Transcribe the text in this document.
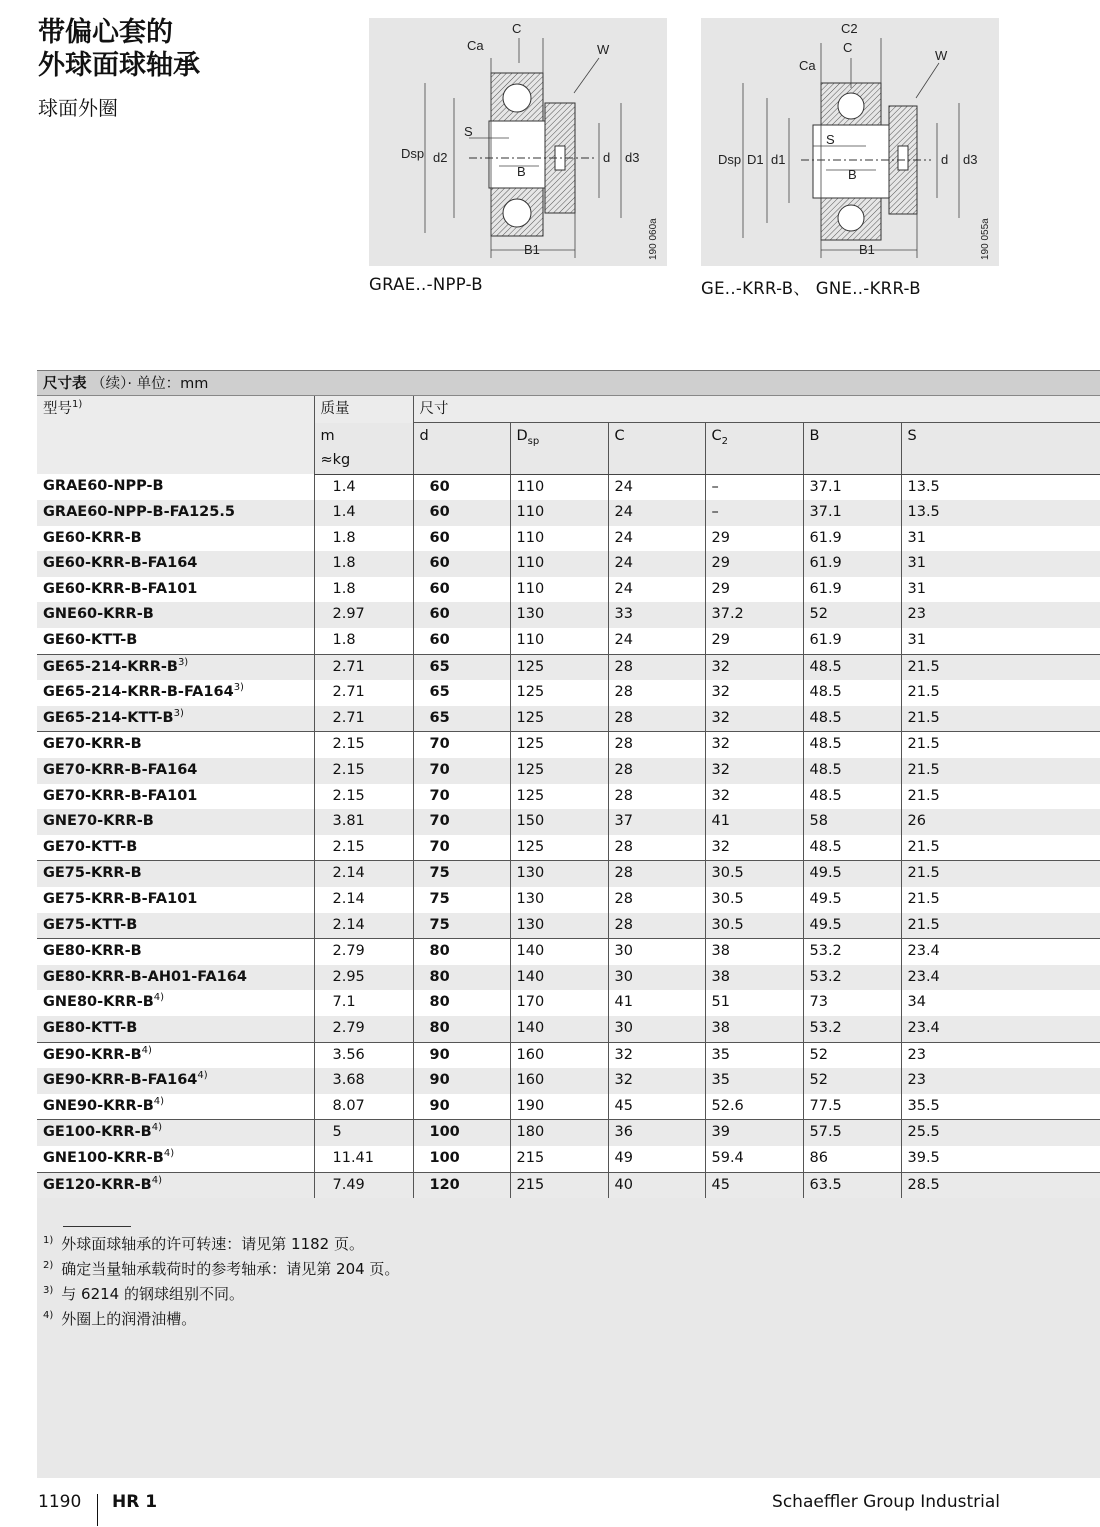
带偏心套的
外球面球轴承
球面外圈
C
Ca	W
S
B
B1
Dsp d2	d d3
190 060a
GRAE..-NPP-B
C2
C
Ca
W
S
B
B1
Dsp D1 d1	d d3
190 055a
GE..-KRR-B、 GNE..-KRR-B
尺寸表 （续）· 单位：mm
型号$^{1)}$	质量	尺寸					
	m	d	$D_{sp}$	C	$C_2$	B	S
	≈kg						
GRAE60-NPP-B	1.4	60	110	24	–	37.1	13.5
GRAE60-NPP-B-FA125.5	1.4	60	110	24	–	37.1	13.5
GE60-KRR-B	1.8	60	110	24	29	61.9	31
GE60-KRR-B-FA164	1.8	60	110	24	29	61.9	31
GE60-KRR-B-FA101	1.8	60	110	24	29	61.9	31
GNE60-KRR-B	2.97	60	130	33	37.2	52	23
GE60-KTT-B	1.8	60	110	24	29	61.9	31
$GE65-214-KRR-B^{3)}$	2.71	65	125	28	32	48.5	21.5
GE65-214-KRR-B-FA164$^{3)}$	2.71	65	125	28	32	48.5	21.5
$GE65-214-KTT-B^{3)}$	2.71	65	125	28	32	48.5	21.5
GE70-KRR-B	2.15	70	125	28	32	48.5	21.5
GE70-KRR-B-FA164	2.15	70	125	28	32	48.5	21.5
GE70-KRR-B-FA101	2.15	70	125	28	32	48.5	21.5
GNE70-KRR-B	3.81	70	150	37	41	58	26
GE70-KTT-B	2.15	70	125	28	32	48.5	21.5
GE75-KRR-B	2.14	75	130	28	30.5	49.5	21.5
GE75-KRR-B-FA101	2.14	75	130	28	30.5	49.5	21.5
GE75-KTT-B	2.14	75	130	28	30.5	49.5	21.5
GE80-KRR-B	2.79	80	140	30	38	53.2	23.4
GE80-KRR-B-AH01-FA164	2.95	80	140	30	38	53.2	23.4
$GNE80-KRR-B^{4)}$	7.1	80	170	41	51	73	34
GE80-KTT-B	2.79	80	140	30	38	53.2	23.4
$GE90-KRR-B^{4)}$	3.56	90	160	32	35	52	23
GE90-KRR-B-FA164$^{4)}$	3.68	90	160	32	35	52	23
$GNE90-KRR-B^{4)}$	8.07	90	190	45	52.6	77.5	35.5
$GE100-KRR-B^{4)}$	5	100	180	36	39	57.5	25.5
$GNE100-KRR-B^{4)}$	11.41	100	215	49	59.4	86	39.5
$GE120-KRR-B^{4)}$	7.49	120	215	40	45	63.5	28.5
$^{1)}$ 外球面球轴承的许可转速：请见第 1182 页。
$^{2)}$ 确定当量轴承载荷时的参考轴承：请见第 204 页。
$^{3)}$ 与 6214 的钢球组别不同。
$^{4)}$ 外圈上的润滑油槽。
1190 HR 1	Schaeffler Group Industrial
